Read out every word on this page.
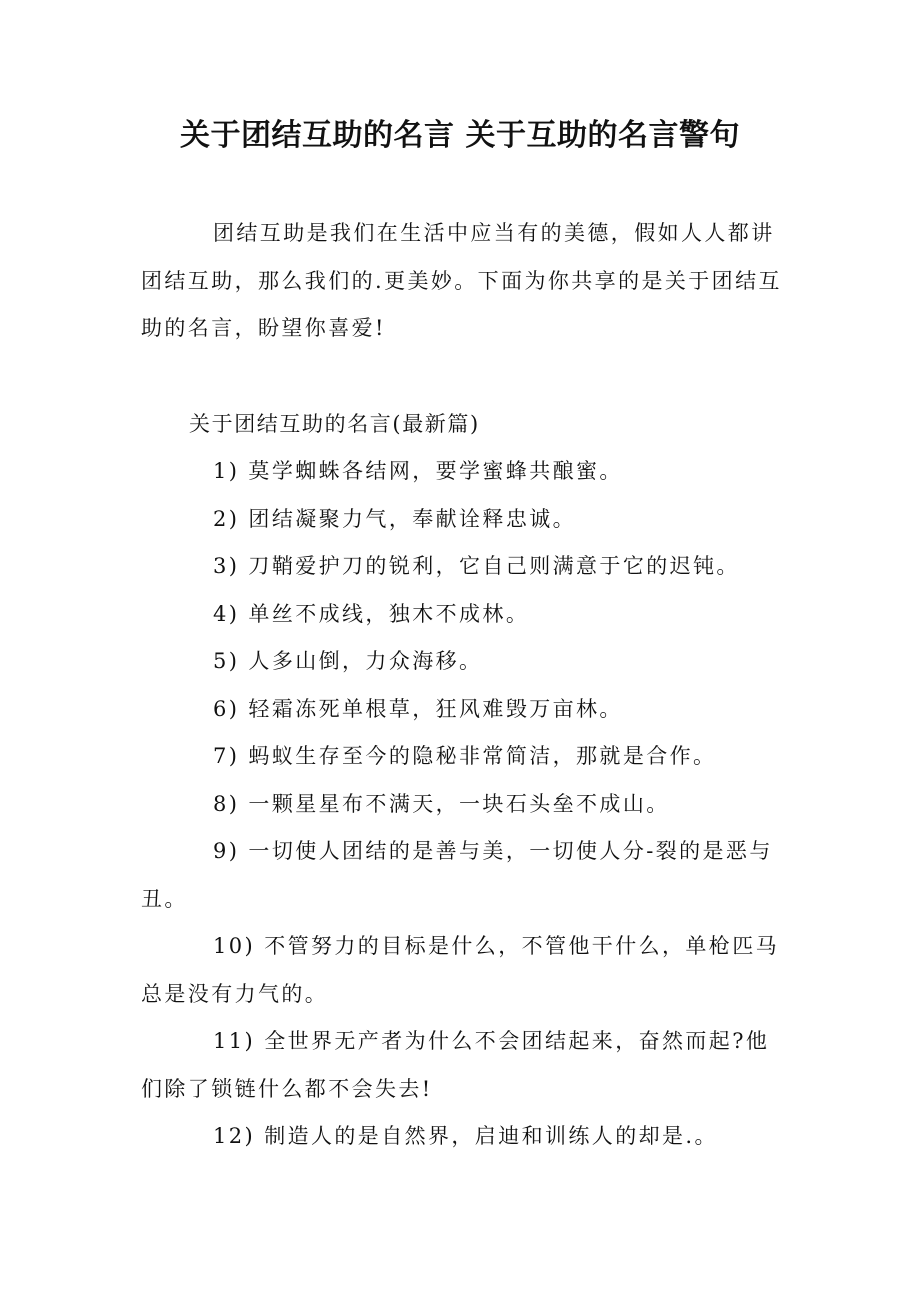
关于团结互助的名言 关于互助的名言警句

团结互助是我们在生活中应当有的美德，假如人人都讲团结互助，那么我们的.更美妙。下面为你共享的是关于团结互助的名言，盼望你喜爱!

关于团结互助的名言(最新篇)

1) 莫学蜘蛛各结网，要学蜜蜂共酿蜜。

2) 团结凝聚力气，奉献诠释忠诚。

3) 刀鞘爱护刀的锐利，它自己则满意于它的迟钝。

4) 单丝不成线，独木不成林。

5) 人多山倒，力众海移。

6) 轻霜冻死单根草，狂风难毁万亩林。

7) 蚂蚁生存至今的隐秘非常简洁，那就是合作。

8) 一颗星星布不满天，一块石头垒不成山。

9) 一切使人团结的是善与美，一切使人分-裂的是恶与丑。

10) 不管努力的目标是什么，不管他干什么，单枪匹马总是没有力气的。

11) 全世界无产者为什么不会团结起来，奋然而起?他们除了锁链什么都不会失去!

12) 制造人的是自然界，启迪和训练人的却是.。
